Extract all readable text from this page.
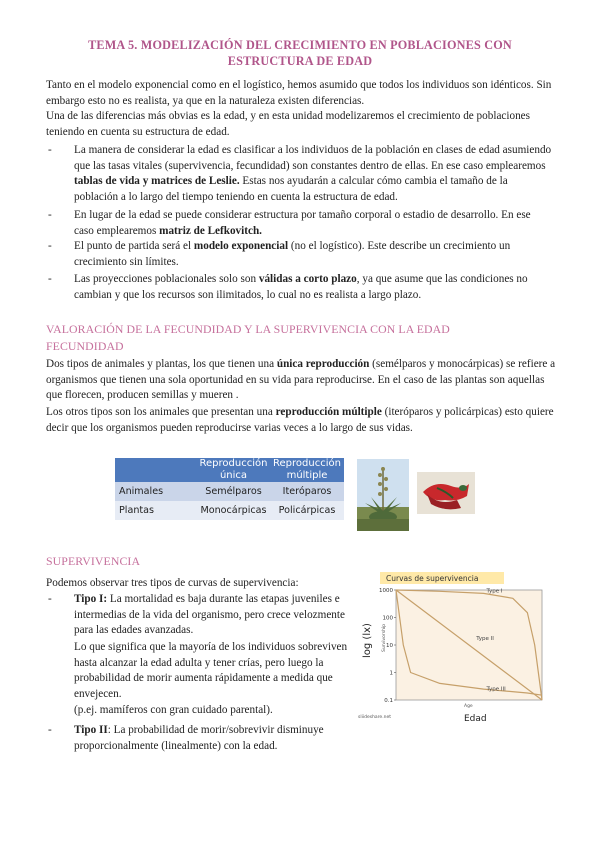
TEMA 5. MODELIZACIÓN DEL CRECIMIENTO EN POBLACIONES CON ESTRUCTURA DE EDAD

Tanto en el modelo exponencial como en el logístico, hemos asumido que todos los individuos son idénticos. Sin embargo esto no es realista, ya que en la naturaleza existen diferencias.

Una de las diferencias más obvias es la edad, y en esta unidad modelizaremos el crecimiento de poblaciones teniendo en cuenta su estructura de edad.

-	La manera de considerar la edad es clasificar a los individuos de la población en clases de edad asumiendo que las tasas vitales (supervivencia, fecundidad) son constantes dentro de ellas. En ese caso emplearemos tablas de vida y matrices de Leslie. Estas nos ayudarán a calcular cómo cambia el tamaño de la población a lo largo del tiempo teniendo en cuenta la estructura de edad.
-	En lugar de la edad se puede considerar estructura por tamaño corporal o estadio de desarrollo. En ese caso emplearemos matriz de Lefkovitch.
-	El punto de partida será el modelo exponencial (no el logístico). Este describe un crecimiento un crecimiento sin límites.
-	Las proyecciones poblacionales solo son válidas a corto plazo, ya que asume que las condiciones no cambian y que los recursos son ilimitados, lo cual no es realista a largo plazo.
VALORACIÓN DE LA FECUNDIDAD Y LA SUPERVIVENCIA CON LA EDAD FECUNDIDAD

Dos tipos de animales y plantas, los que tienen una única reproducción (semélparos y monocárpicas) se refiere a organismos que tienen una sola oportunidad en su vida para reproducirse. En el caso de las plantas son aquellas que florecen, producen semillas y mueren .

Los otros tipos son los animales que presentan una reproducción múltiple (iteróparos y policárpicas) esto quiere decir que los organismos pueden reproducirse varias veces a lo largo de sus vidas.

	Reproducción única	Reproducción múltiple
Animales	Semélparos	Iteróparos
Plantas	Monocárpicas	Policárpicas
SUPERVIVENCIA

Podemos observar tres tipos de curvas de supervivencia:

-	Tipo I: La mortalidad es baja durante las etapas juveniles e intermedias de la vida del organismo, pero crece velozmente para las edades avanzadas.
Lo que significa que la mayoría de los individuos sobreviven hasta alcanzar la edad adulta y tener crías, pero luego la probabilidad de morir aumenta rápidamente a medida que envejecen.
(p.ej. mamíferos con gran cuidado parental).
-	Tipo II: La probabilidad de morir/sobrevivir disminuye proporcionalmente (linealmente) con la edad.
Curvas de supervivencia
1000
100
10
1
0.1
log (lx) Survivorship
Age
Edad
sliideshare.net
Type I
Type II
Type III
